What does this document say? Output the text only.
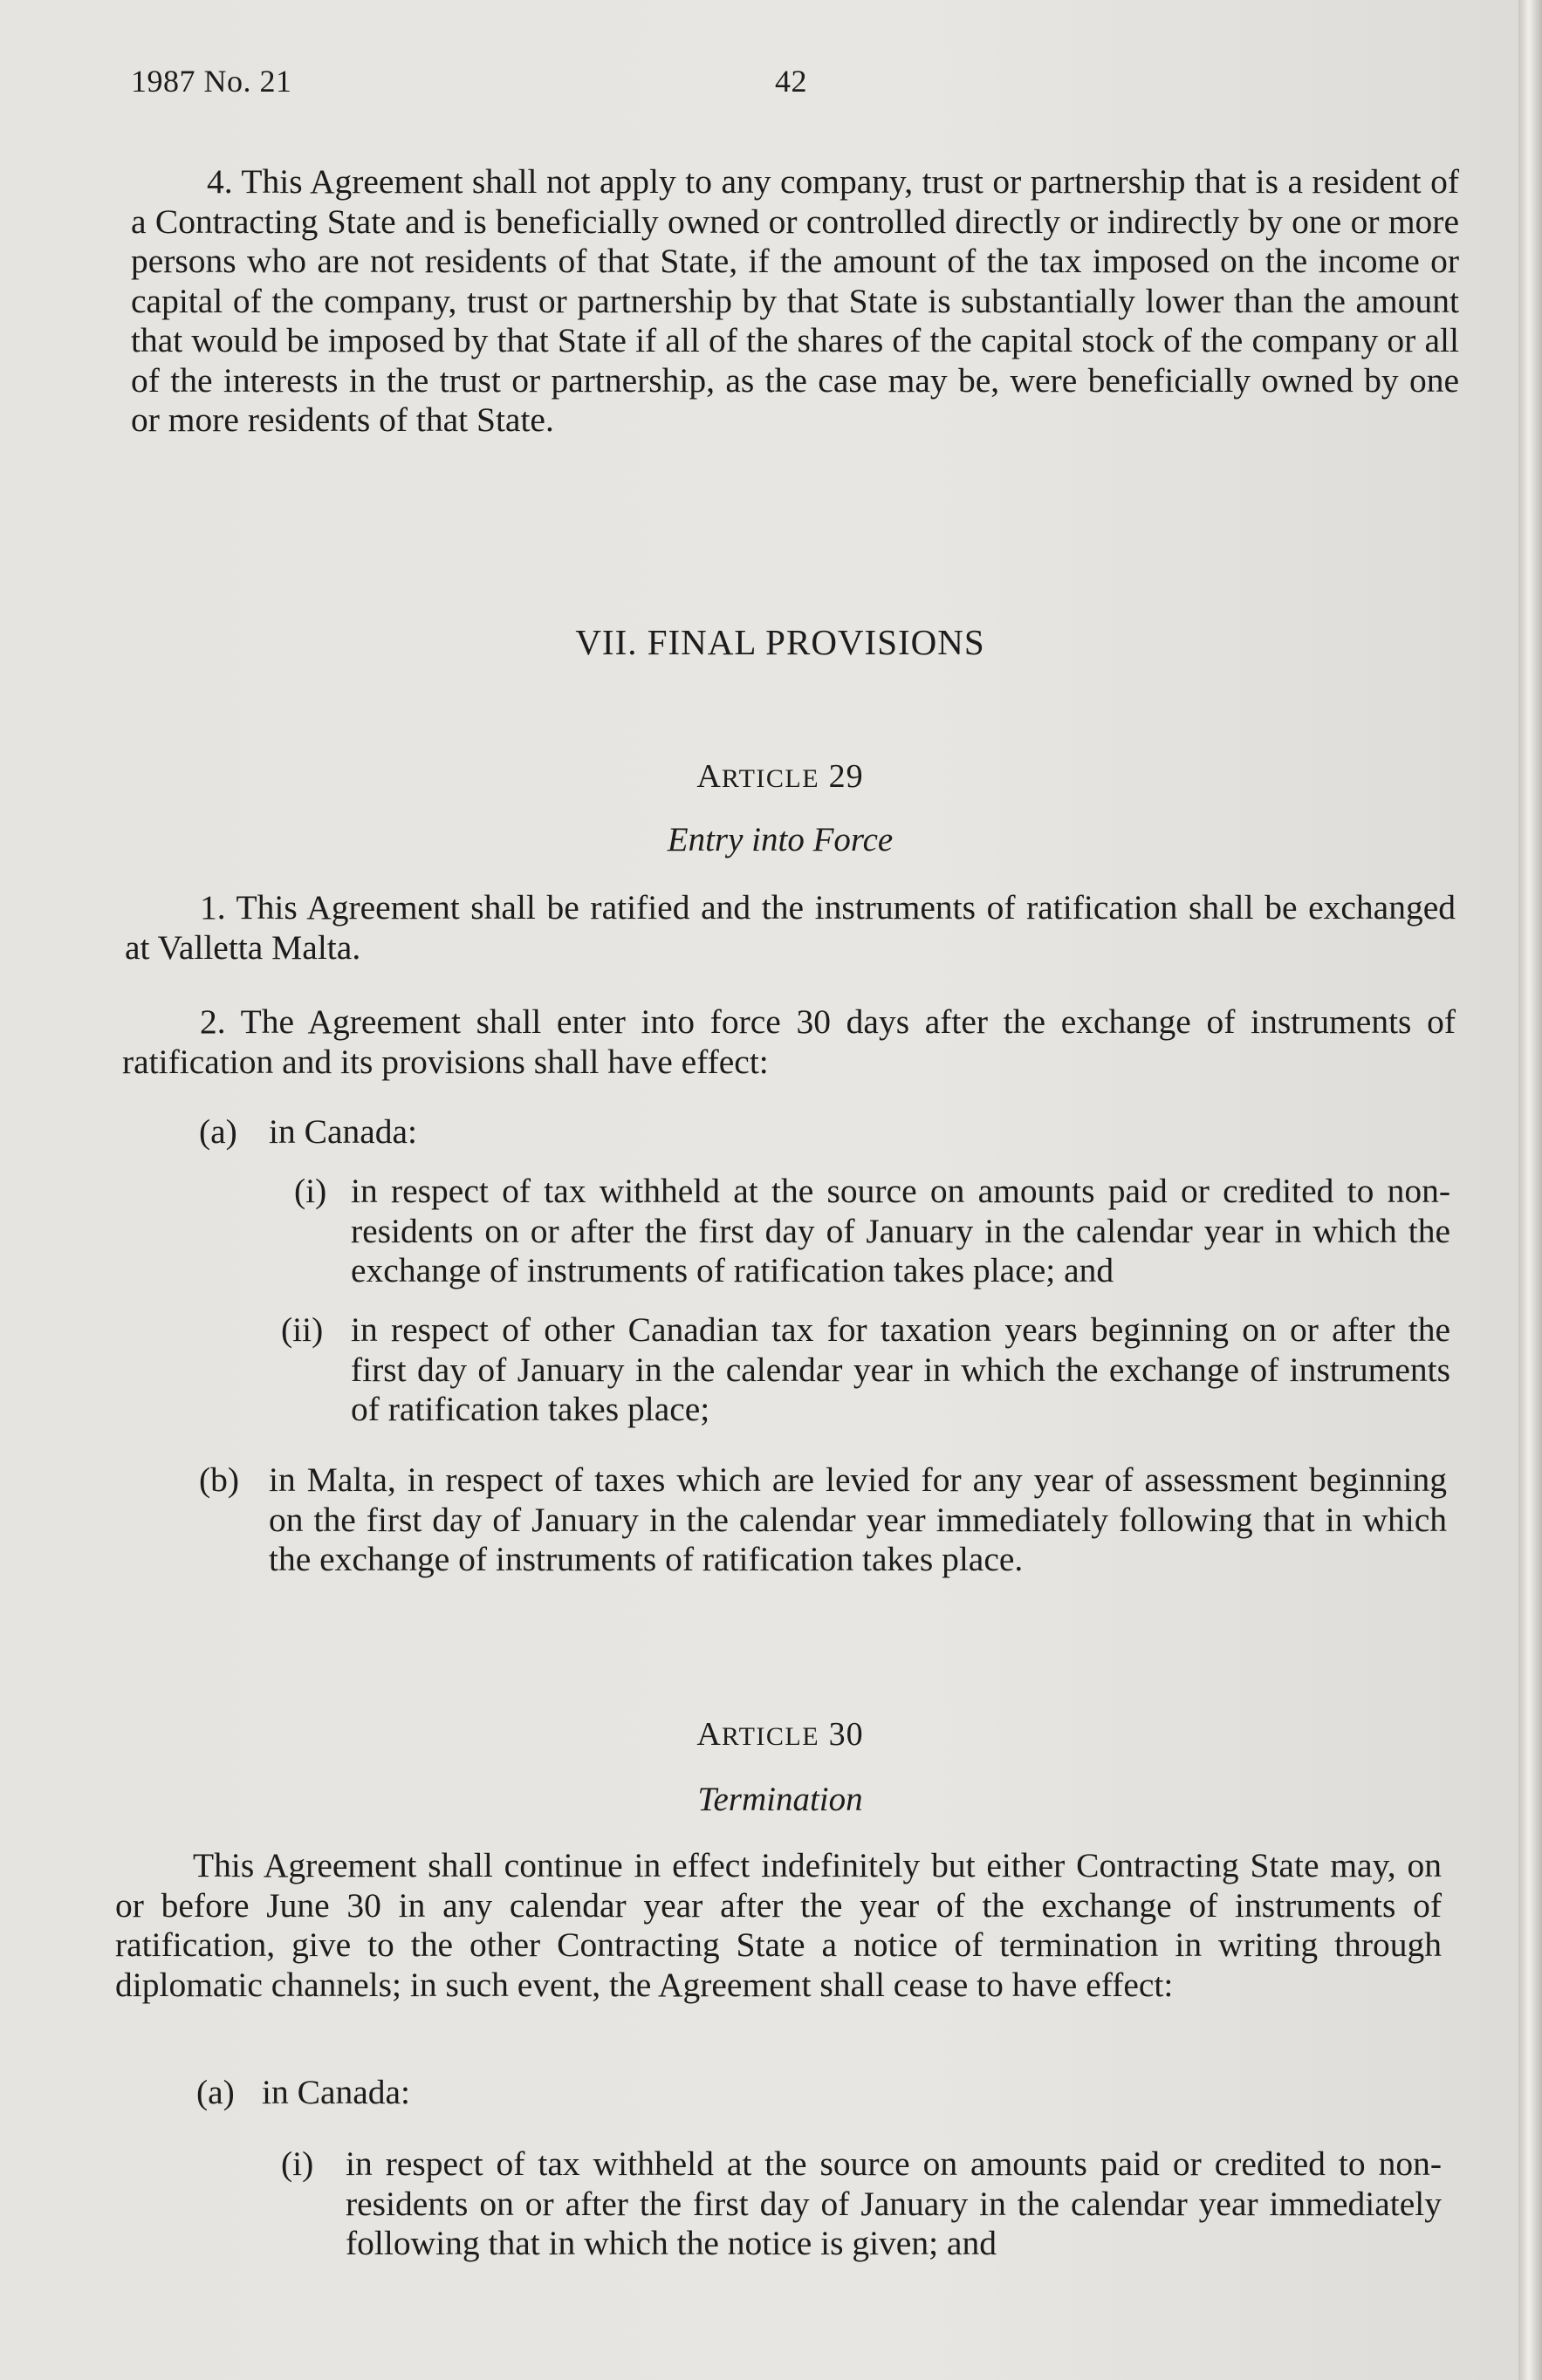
1987 No. 21	42

4. This Agreement shall not apply to any company, trust or partnership that is a resident of a Contracting State and is beneficially owned or controlled directly or indirectly by one or more persons who are not residents of that State, if the amount of the tax imposed on the income or capital of the company, trust or partnership by that State is substantially lower than the amount that would be imposed by that State if all of the shares of the capital stock of the company or all of the interests in the trust or partnership, as the case may be, were beneficially owned by one or more residents of that State.

VII. FINAL PROVISIONS

ARTICLE 29

Entry into Force

1. This Agreement shall be ratified and the instruments of ratification shall be exchanged at Valletta Malta.

2. The Agreement shall enter into force 30 days after the exchange of instruments of ratification and its provisions shall have effect:

(a) in Canada:
(i) in respect of tax withheld at the source on amounts paid or credited to non-residents on or after the first day of January in the calendar year in which the exchange of instruments of ratification takes place; and

(ii) in respect of other Canadian tax for taxation years beginning on or after the first day of January in the calendar year in which the exchange of instruments of ratification takes place;

(b) in Malta, in respect of taxes which are levied for any year of assessment beginning on the first day of January in the calendar year immediately following that in which the exchange of instruments of ratification takes place.

ARTICLE 30

Termination

This Agreement shall continue in effect indefinitely but either Contracting State may, on or before June 30 in any calendar year after the year of the exchange of instruments of ratification, give to the other Contracting State a notice of termination in writing through diplomatic channels; in such event, the Agreement shall cease to have effect:

(a) in Canada:
(i) in respect of tax withheld at the source on amounts paid or credited to non-residents on or after the first day of January in the calendar year immediately following that in which the notice is given; and
